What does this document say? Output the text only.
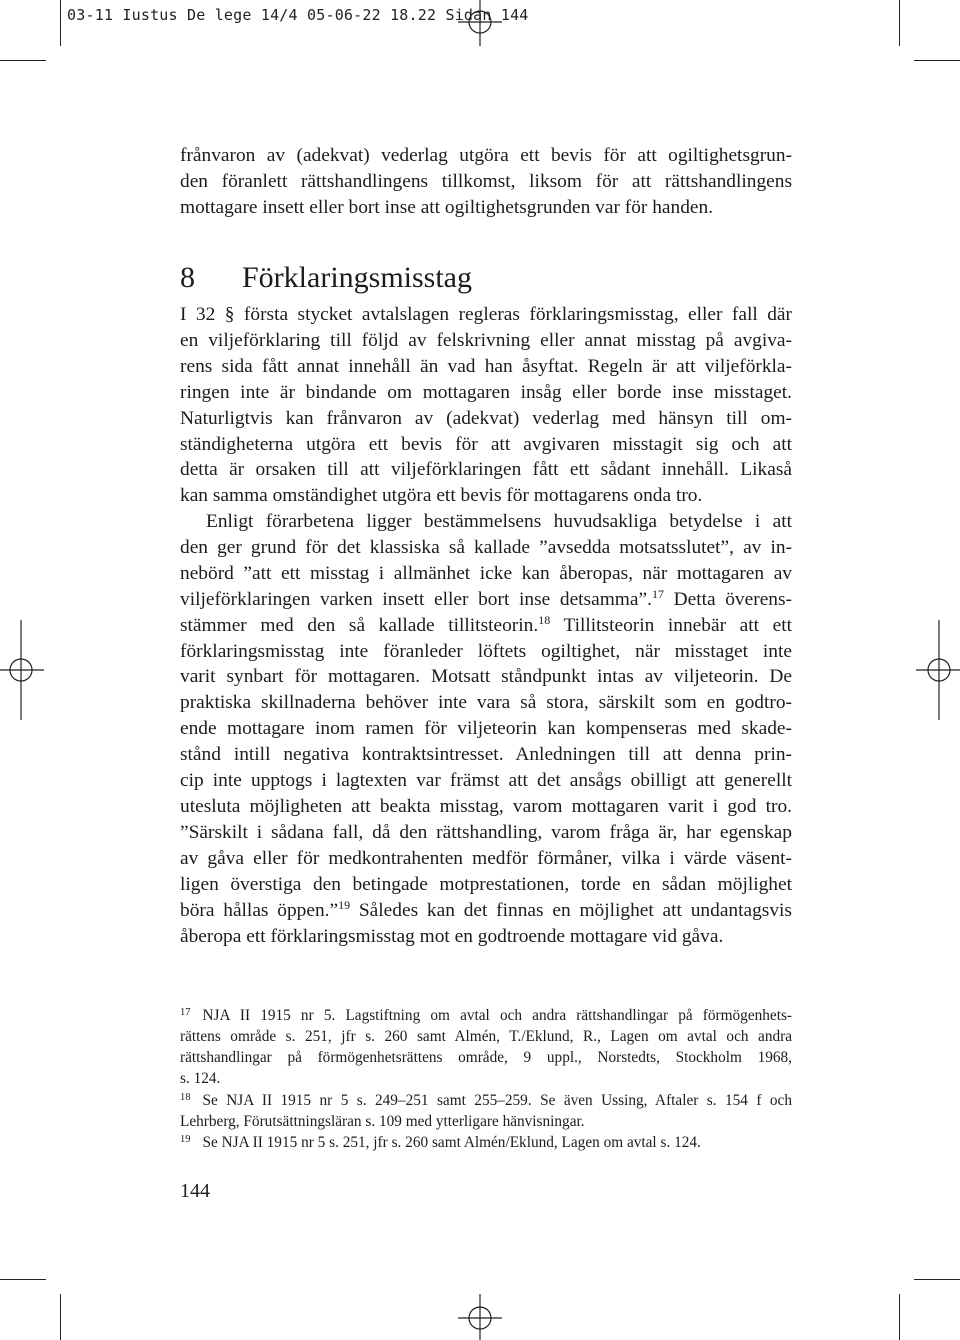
03-11 Iustus De lege 14/4 05-06-22 18.22 Sidan 144
frånvaron av (adekvat) vederlag utgöra ett bevis för att ogiltighetsgrun-
den föranlett rättshandlingens tillkomst, liksom för att rättshandlingens
mottagare insett eller bort inse att ogiltighetsgrunden var för handen.
8 Förklaringsmisstag
I 32 § första stycket avtalslagen regleras förklaringsmisstag, eller fall där
en viljeförklaring till följd av felskrivning eller annat misstag på avgiva-
rens sida fått annat innehåll än vad han åsyftat. Regeln är att viljeförkla-
ringen inte är bindande om mottagaren insåg eller borde inse misstaget.
Naturligtvis kan frånvaron av (adekvat) vederlag med hänsyn till om-
ständigheterna utgöra ett bevis för att avgivaren misstagit sig och att
detta är orsaken till att viljeförklaringen fått ett sådant innehåll. Likaså
kan samma omständighet utgöra ett bevis för mottagarens onda tro.
Enligt förarbetena ligger bestämmelsens huvudsakliga betydelse i att
den ger grund för det klassiska så kallade ”avsedda motsatsslutet”, av in-
nebörd ”att ett misstag i allmänhet icke kan åberopas, när mottagaren av
viljeförklaringen varken insett eller bort inse detsamma”.$^{17}$ Detta överens-
stämmer med den så kallade tillitsteorin.$^{18}$ Tillitsteorin innebär att ett
förklaringsmisstag inte föranleder löftets ogiltighet, när misstaget inte
varit synbart för mottagaren. Motsatt ståndpunkt intas av viljeteorin. De
praktiska skillnaderna behöver inte vara så stora, särskilt som en godtro-
ende mottagare inom ramen för viljeteorin kan kompenseras med skade-
stånd intill negativa kontraktsintresset. Anledningen till att denna prin-
cip inte upptogs i lagtexten var främst att det ansågs obilligt att generellt
utesluta möjligheten att beakta misstag, varom mottagaren varit i god tro.
”Särskilt i sådana fall, då den rättshandling, varom fråga är, har egenskap
av gåva eller för medkontrahenten medför förmåner, vilka i värde väsent-
ligen överstiga den betingade motprestationen, torde en sådan möjlighet
böra hållas öppen.”$^{19}$ Således kan det finnas en möjlighet att undantagsvis
åberopa ett förklaringsmisstag mot en godtroende mottagare vid gåva.
$^{17}$ NJA II 1915 nr 5. Lagstiftning om avtal och andra rättshandlingar på förmögenhets-
rättens område s. 251, jfr s. 260 samt Almén, T./Eklund, R., Lagen om avtal och andra
rättshandlingar på förmögenhetsrättens område, 9 uppl., Norstedts, Stockholm 1968,
s. 124.
$^{18}$ Se NJA II 1915 nr 5 s. 249–251 samt 255–259. Se även Ussing, Aftaler s. 154 f och
Lehrberg, Förutsättningsläran s. 109 med ytterligare hänvisningar.
$^{19}$ Se NJA II 1915 nr 5 s. 251, jfr s. 260 samt Almén/Eklund, Lagen om avtal s. 124.
144
